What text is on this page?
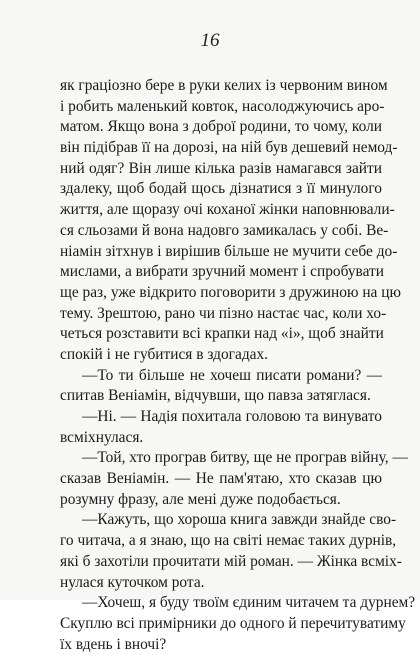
16
як граціозно бере в руки келих із червоним вином
і робить маленький ковток, насолоджуючись аро-
матом. Якщо вона з доброї родини, то чому, коли
він підібрав її на дорозі, на ній був дешевий немод-
ний одяг? Він лише кілька разів намагався зайти
здалеку, щоб бодай щось дізнатися з її минулого
життя, але щоразу очі коханої жінки наповнювали-
ся сльозами й вона надовго замикалась у собі. Ве-
ніамін зітхнув і вирішив більше не мучити себе до-
мислами, а вибрати зручний момент і спробувати
ще раз, уже відкрито поговорити з дружиною на цю
тему. Зрештою, рано чи пізно настає час, коли хо-
четься розставити всі крапки над «і», щоб знайти
спокій і не губитися в здогадах.
—То ти більше не хочеш писати романи? —
спитав Веніамін, відчувши, що павза затяглася.
—Ні. — Надія похитала головою та винувато
всміхнулася.
—Той, хто програв битву, ще не програв війну, —
сказав Веніамін. — Не пам'ятаю, хто сказав цю
розумну фразу, але мені дуже подобається.
—Кажуть, що хороша книга завжди знайде сво-
го читача, а я знаю, що на світі немає таких дурнів,
які б захотіли прочитати мій роман. — Жінка всміх-
нулася куточком рота.
—Хочеш, я буду твоїм єдиним читачем та дурнем?
Скуплю всі примірники до одного й перечитуватиму
їх вдень і вночі?
